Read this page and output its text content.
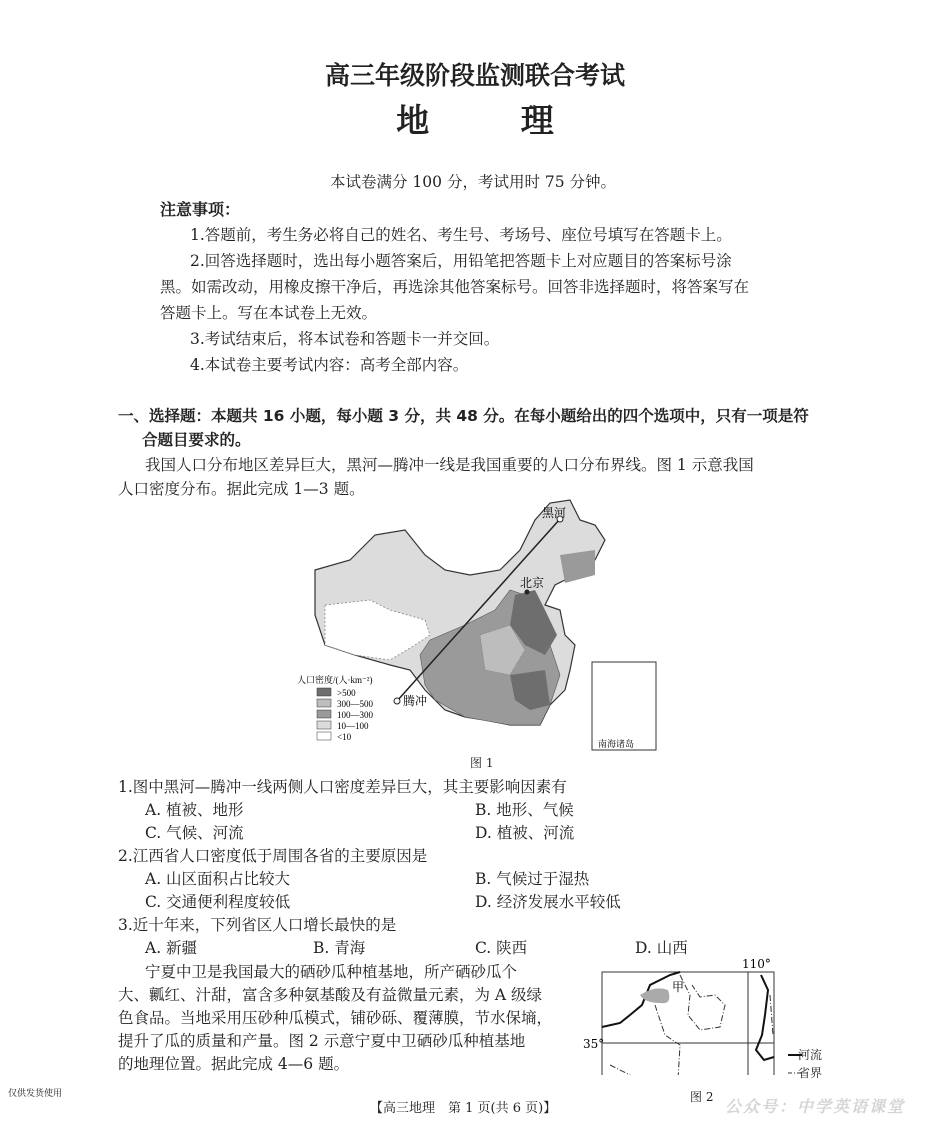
高三年级阶段监测联合考试
地 理
本试卷满分 100 分，考试用时 75 分钟。
注意事项：
1.答题前，考生务必将自己的姓名、考生号、考场号、座位号填写在答题卡上。
2.回答选择题时，选出每小题答案后，用铅笔把答题卡上对应题目的答案标号涂
黑。如需改动，用橡皮擦干净后，再选涂其他答案标号。回答非选择题时，将答案写在
答题卡上。写在本试卷上无效。
3.考试结束后，将本试卷和答题卡一并交回。
4.本试卷主要考试内容：高考全部内容。
一、选择题：本题共 16 小题，每小题 3 分，共 48 分。在每小题给出的四个选项中，只有一项是符
合题目要求的。
我国人口分布地区差异巨大，黑河—腾冲一线是我国重要的人口分布界线。图 1 示意我国
人口密度分布。据此完成 1—3 题。
黑河
北京
腾冲
南海诸岛
人口密度/(人·km⁻²)
>500
300—500
100—300
10—100
<10
图 1
1.图中黑河—腾冲一线两侧人口密度差异巨大，其主要影响因素有
A. 植被、地形	B. 地形、气候
C. 气候、河流	D. 植被、河流
2.江西省人口密度低于周围各省的主要原因是
A. 山区面积占比较大	B. 气候过于湿热
C. 交通便利程度较低	D. 经济发展水平较低
3.近十年来，下列省区人口增长最快的是
A. 新疆	B. 青海	C. 陕西	D. 山西
宁夏中卫是我国最大的硒砂瓜种植基地，所产硒砂瓜个
大、瓤红、汁甜，富含多种氨基酸及有益微量元素，为 A 级绿
色食品。当地采用压砂种瓜模式，铺砂砾、覆薄膜，节水保墒，
提升了瓜的质量和产量。图 2 示意宁夏中卫硒砂瓜种植基地
的地理位置。据此完成 4—6 题。
110°
35°
甲
河流
省界
图 2 公众号：中学英语课堂
仅供发货使用
【高三地理　第 1 页(共 6 页)】
